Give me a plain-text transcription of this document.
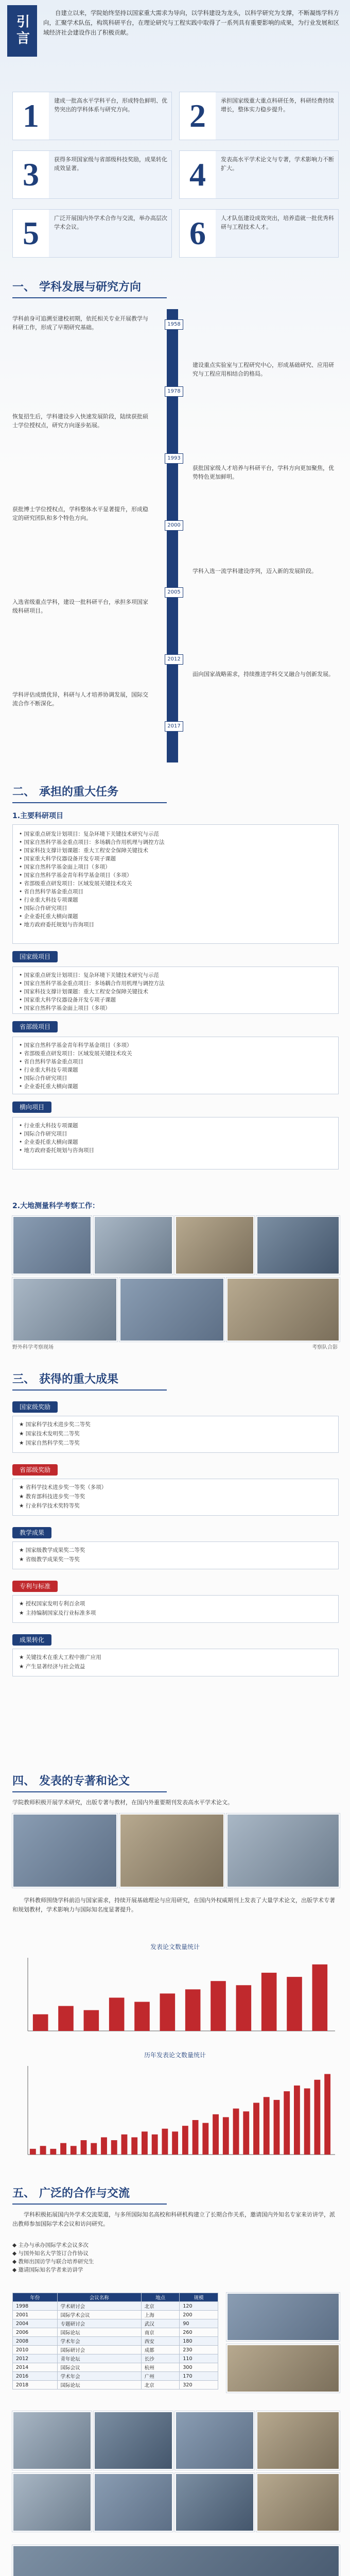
引言
自建立以来，学院始终坚持以国家重大需求为导向，以学科建设为龙头，以科学研究为支撑，不断凝练学科方向，汇聚学术队伍，构筑科研平台，在理论研究与工程实践中取得了一系列具有重要影响的成果，为行业发展和区域经济社会建设作出了积极贡献。
1	建成一批高水平学科平台，形成特色鲜明、优势突出的学科体系与研究方向。	2	承担国家级重大重点科研任务，科研经费持续增长，整体实力稳步提升。
3	获得多项国家级与省部级科技奖励，成果转化成效显著。	4	发表高水平学术论文与专著，学术影响力不断扩大。
5	广泛开展国内外学术合作与交流，举办高层次学术会议。	6	人才队伍建设成效突出，培养造就一批优秀科研与工程技术人才。
一、 学科发展与研究方向
1958年
1978年
1993年
2000年
2005年
2012年
2017年
学科前身可追溯至建校初期，依托相关专业开展教学与科研工作，形成了早期研究基础。
恢复招生后，学科建设步入快速发展阶段，陆续获批硕士学位授权点，研究方向逐步拓展。
获批博士学位授权点，学科整体水平显著提升，形成稳定的研究团队和多个特色方向。
入选省级重点学科，建设一批科研平台，承担多项国家级科研项目。
学科评估成绩优异，科研与人才培养协调发展，国际交流合作不断深化。
建设重点实验室与工程研究中心，形成基础研究、应用研究与工程应用相结合的格局。
获批国家级人才培养与科研平台，学科方向更加聚焦，优势特色更加鲜明。
学科入选一流学科建设序列，迈入新的发展阶段。
面向国家战略需求，持续推进学科交叉融合与创新发展。
二、 承担的重大任务
1.主要科研项目
• 国家重点研发计划项目：复杂环境下关键技术研究与示范
• 国家自然科学基金重点项目：多场耦合作用机理与调控方法
• 国家科技支撑计划课题：重大工程安全保障关键技术
• 国家重大科学仪器设备开发专项子课题
• 国家自然科学基金面上项目（多项）
• 国家自然科学基金青年科学基金项目（多项）
• 省部级重点研发项目：区域发展关键技术攻关
• 省自然科学基金重点项目
• 行业重大科技专项课题
• 国际合作研究项目
• 企业委托重大横向课题
• 地方政府委托规划与咨询项目
国家级项目
• 国家重点研发计划项目：复杂环境下关键技术研究与示范
• 国家自然科学基金重点项目：多场耦合作用机理与调控方法
• 国家科技支撑计划课题：重大工程安全保障关键技术
• 国家重大科学仪器设备开发专项子课题
• 国家自然科学基金面上项目（多项）
省部级项目
• 国家自然科学基金青年科学基金项目（多项）
• 省部级重点研发项目：区域发展关键技术攻关
• 省自然科学基金重点项目
• 行业重大科技专项课题
• 国际合作研究项目
• 企业委托重大横向课题
横向项目
• 行业重大科技专项课题
• 国际合作研究项目
• 企业委托重大横向课题
• 地方政府委托规划与咨询项目
2.大地测量科学考察工作：
野外科学考察现场	考察队合影
三、 获得的重大成果
国家级奖励
★ 国家科学技术进步奖二等奖
★ 国家技术发明奖二等奖
★ 国家自然科学奖二等奖
省部级奖励
★ 省科学技术进步奖一等奖（多项）
★ 教育部科技进步奖一等奖
★ 行业科学技术奖特等奖
教学成果
★ 国家级教学成果奖二等奖
★ 省级教学成果奖一等奖
专利与标准
★ 授权国家发明专利百余项
★ 主持编制国家及行业标准多项
成果转化
★ 关键技术在重大工程中推广应用
★ 产生显著经济与社会效益
四、 发表的专著和论文
学院教师积极开展学术研究，出版专著与教材，在国内外重要期刊发表高水平学术论文。
学科教师围绕学科前沿与国家需求，持续开展基础理论与应用研究，在国内外权威期刊上发表了大量学术论文，出版学术专著和规划教材，学术影响力与国际知名度显著提升。
发表论文数量统计
历年发表论文数量统计
五、 广泛的合作与交流
学科积极拓展国内外学术交流渠道，与多所国际知名高校和科研机构建立了长期合作关系，邀请国内外知名专家来访讲学，派出教师参加国际学术会议和访问研究。
◆ 主办与承办国际学术会议多次
◆ 与国外知名大学签订合作协议
◆ 教师出国访学与联合培养研究生
◆ 邀请国际知名学者来访讲学
年份	会议名称	地点	规模
1998	学术研讨会	北京	120
2001	国际学术会议	上海	200
2004	专题研讨会	武汉	90
2006	国际论坛	南京	260
2008	学术年会	西安	180
2010	国际研讨会	成都	230
2012	青年论坛	长沙	110
2014	国际会议	杭州	300
2016	学术年会	广州	170
2018	国际论坛	北京	320
